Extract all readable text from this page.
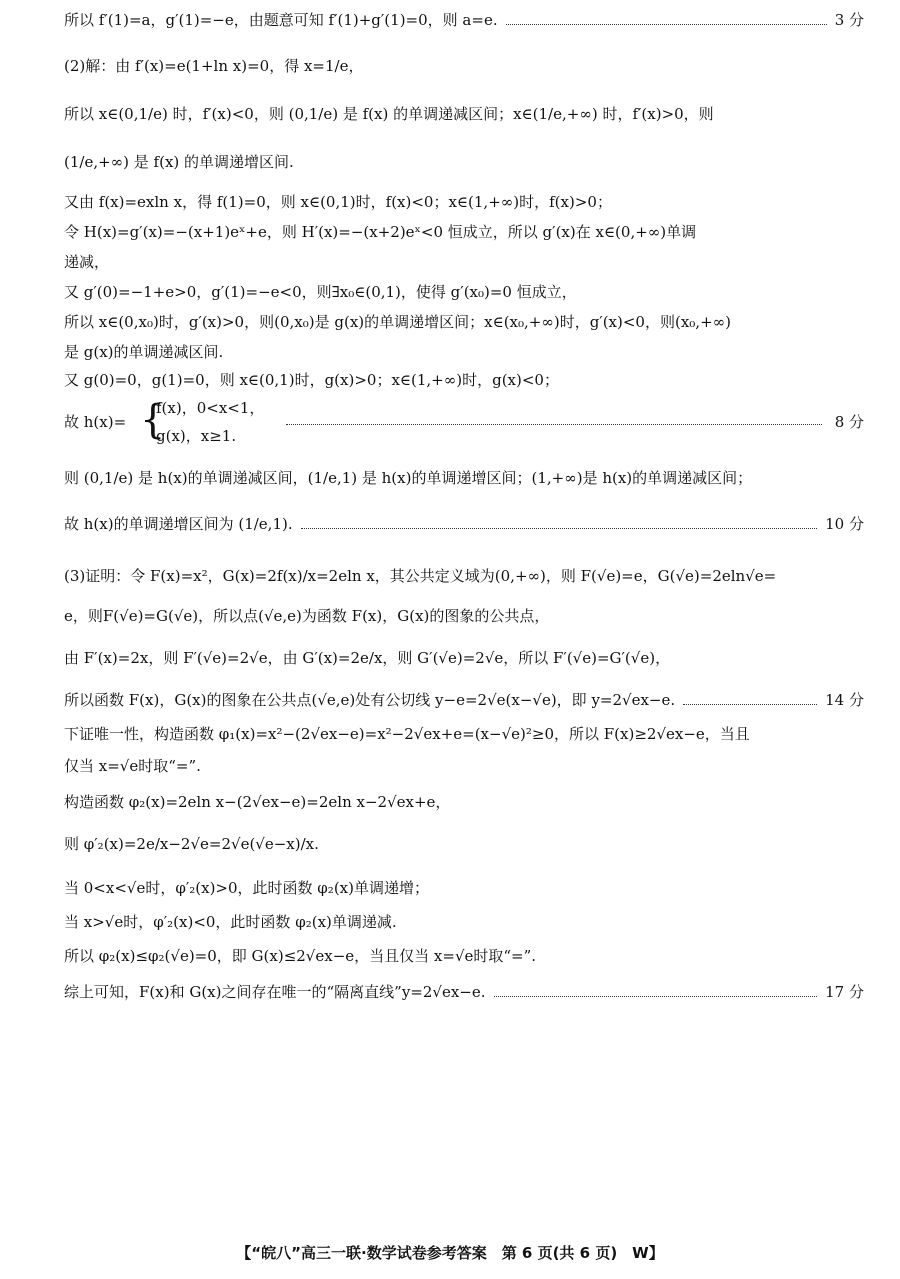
所以 f′(1)=a，g′(1)=−e，由题意可知 f′(1)+g′(1)=0，则 a=e.	3 分
(2)解：由 f′(x)=e(1+ln x)=0，得 x=1/e，
所以 x∈(0,1/e) 时，f′(x)<0，则 (0,1/e) 是 f(x) 的单调递减区间；x∈(1/e,+∞) 时，f′(x)>0，则
(1/e,+∞) 是 f(x) 的单调递增区间.
又由 f(x)=exln x，得 f(1)=0，则 x∈(0,1)时，f(x)<0；x∈(1,+∞)时，f(x)>0；
令 H(x)=g′(x)=−(x+1)eˣ+e，则 H′(x)=−(x+2)eˣ<0 恒成立，所以 g′(x)在 x∈(0,+∞)单调
递减，
又 g′(0)=−1+e>0，g′(1)=−e<0，则∃x₀∈(0,1)，使得 g′(x₀)=0 恒成立，
所以 x∈(0,x₀)时，g′(x)>0，则(0,x₀)是 g(x)的单调递增区间；x∈(x₀,+∞)时，g′(x)<0，则(x₀,+∞)
是 g(x)的单调递减区间.
又 g(0)=0，g(1)=0，则 x∈(0,1)时，g(x)>0；x∈(1,+∞)时，g(x)<0；
故 h(x)= {
f(x)，0<x<1，
g(x)，x≥1.
8 分
则 (0,1/e) 是 h(x)的单调递减区间，(1/e,1) 是 h(x)的单调递增区间；(1,+∞)是 h(x)的单调递减区间；
故 h(x)的单调递增区间为 (1/e,1).	10 分
(3)证明：令 F(x)=x²，G(x)=2f(x)/x=2eln x，其公共定义域为(0,+∞)，则 F(√e)=e，G(√e)=2eln√e=
e，则F(√e)=G(√e)，所以点(√e,e)为函数 F(x)，G(x)的图象的公共点，
由 F′(x)=2x，则 F′(√e)=2√e，由 G′(x)=2e/x，则 G′(√e)=2√e，所以 F′(√e)=G′(√e)，
所以函数 F(x)，G(x)的图象在公共点(√e,e)处有公切线 y−e=2√e(x−√e)，即 y=2√ex−e.	14 分
下证唯一性，构造函数 φ₁(x)=x²−(2√ex−e)=x²−2√ex+e=(x−√e)²≥0，所以 F(x)≥2√ex−e，当且
仅当 x=√e时取“=”.
构造函数 φ₂(x)=2eln x−(2√ex−e)=2eln x−2√ex+e，
则 φ′₂(x)=2e/x−2√e=2√e(√e−x)/x.
当 0<x<√e时，φ′₂(x)>0，此时函数 φ₂(x)单调递增；
当 x>√e时，φ′₂(x)<0，此时函数 φ₂(x)单调递减.
所以 φ₂(x)≤φ₂(√e)=0，即 G(x)≤2√ex−e，当且仅当 x=√e时取“=”.
综上可知，F(x)和 G(x)之间存在唯一的“隔离直线”y=2√ex−e.	17 分
【“皖八”高三一联·数学试卷参考答案　第 6 页(共 6 页)　W】
